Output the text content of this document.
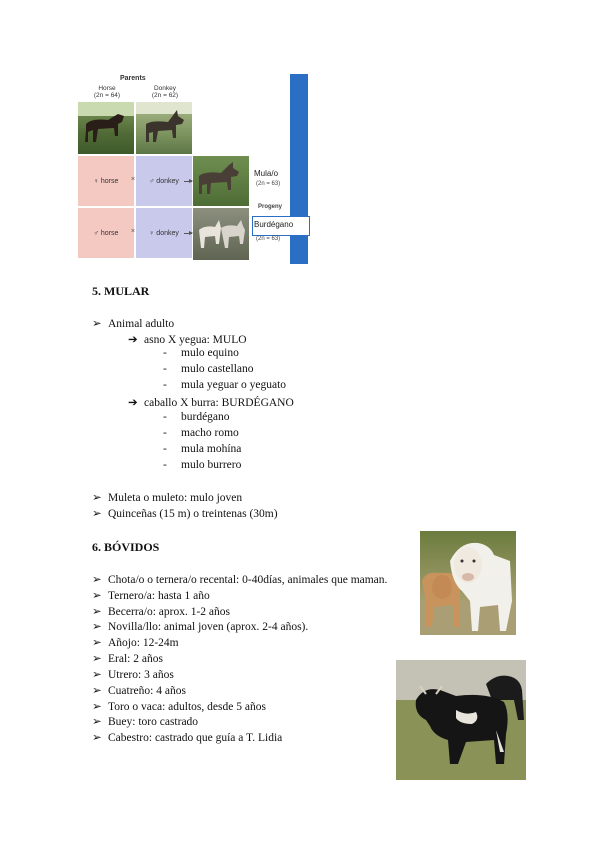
Parents
Horse
(2n = 64)
Donkey
(2n = 62)
♀ horse	♂ donkey
×
♂ horse	♀ donkey
×
Mula/o
(2n = 63)
Progeny
Burdégano
(2n = 63)
5. MULAR
➢ Animal adulto
➔ asno X yegua: MULO
- mulo equino
- mulo castellano
- mula yeguar o yeguato
➔ caballo X burra: BURDÉGANO
- burdégano
- macho romo
- mula mohína
- mulo burrero
➢ Muleta o muleto: mulo joven
➢ Quinceñas (15 m) o treintenas (30m)
6. BÓVIDOS
➢ Chota/o o ternera/o recental: 0-40días, animales que maman.
➢ Ternero/a: hasta 1 año
➢ Becerra/o: aprox. 1-2 años
➢ Novilla/llo: animal joven (aprox. 2-4 años).
➢ Añojo: 12-24m
➢ Eral: 2 años
➢ Utrero: 3 años
➢ Cuatreño: 4 años
➢ Toro o vaca: adultos, desde 5 años
➢ Buey: toro castrado
➢ Cabestro: castrado que guía a T. Lidia
